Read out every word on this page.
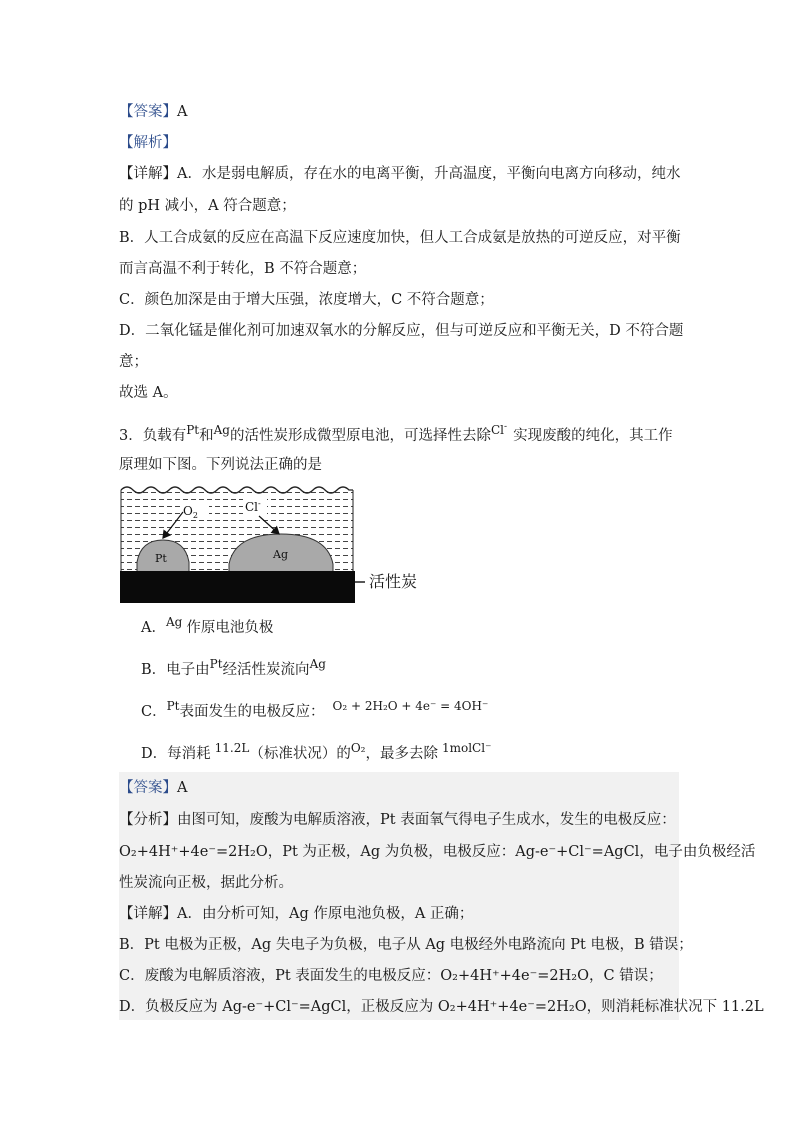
【答案】A
【解析】
【详解】A．水是弱电解质，存在水的电离平衡，升高温度，平衡向电离方向移动，纯水
的 pH 减小，A 符合题意；
B．人工合成氨的反应在高温下反应速度加快，但人工合成氨是放热的可逆反应，对平衡
而言高温不利于转化，B 不符合题意；
C．颜色加深是由于增大压强，浓度增大，C 不符合题意；
D．二氧化锰是催化剂可加速双氧水的分解反应，但与可逆反应和平衡无关，D 不符合题
意；
故选 A。
3．负载有$^{Pt}$和$^{Ag}$的活性炭形成微型原电池，可选择性去除$^{Cl^-}$实现废酸的纯化，其工作
原理如下图。下列说法正确的是
$O_2$
Cl-
Pt	Ag
活性炭
A．$^{Ag}$ 作原电池负极
B．电子由$^{Pt}$经活性炭流向$^{Ag}$
C．$^{Pt}$表面发生的电极反应： $^{O_2 + 2H_2O + 4e^- = 4OH^-}$
D．每消耗 $^{11.2L}$（标准状况）的$^{O_2}$，最多去除 $^{1molCl^-}$
【答案】A
【分析】由图可知，废酸为电解质溶液，Pt 表面氧气得电子生成水，发生的电极反应：
O₂+4H⁺+4e⁻=2H₂O，Pt 为正极，Ag 为负极，电极反应：Ag-e⁻+Cl⁻=AgCl，电子由负极经活
性炭流向正极，据此分析。
【详解】A．由分析可知，Ag 作原电池负极，A 正确；
B．Pt 电极为正极，Ag 失电子为负极，电子从 Ag 电极经外电路流向 Pt 电极，B 错误；
C．废酸为电解质溶液，Pt 表面发生的电极反应：O₂+4H⁺+4e⁻=2H₂O，C 错误；
D．负极反应为 Ag-e⁻+Cl⁻=AgCl，正极反应为 O₂+4H⁺+4e⁻=2H₂O，则消耗标准状况下 11.2L
